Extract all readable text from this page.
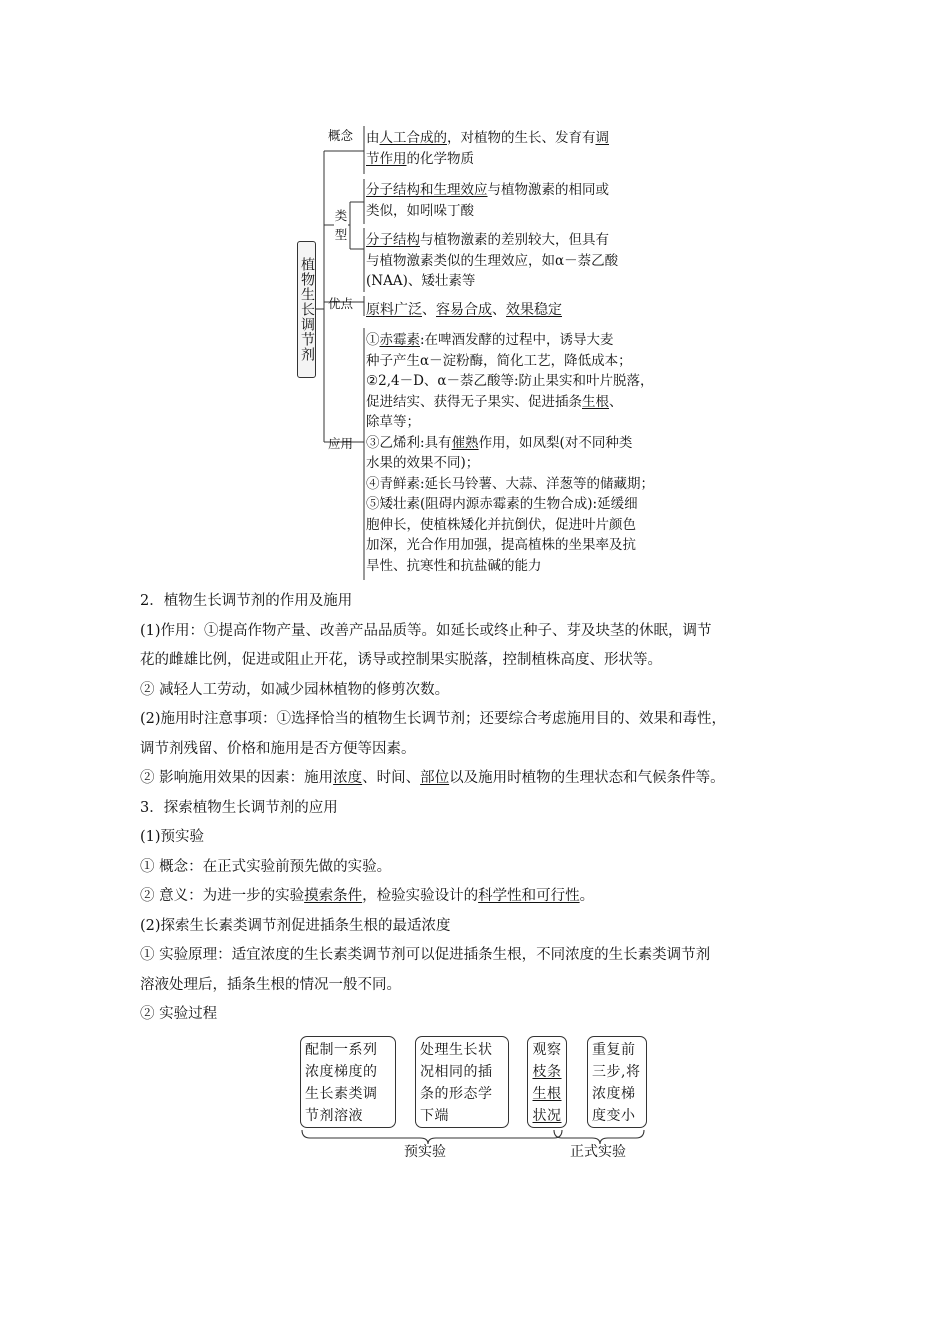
植物生长调节剂
概念
类
型
优点
应用
由人工合成的，对植物的生长、发育有调
节作用的化学物质
分子结构和生理效应与植物激素的相同或
类似，如吲哚丁酸
分子结构与植物激素的差别较大，但具有
与植物激素类似的生理效应，如α－萘乙酸
(NAA)、矮壮素等
原料广泛、容易合成、效果稳定
①赤霉素:在啤酒发酵的过程中，诱导大麦
种子产生α－淀粉酶，简化工艺，降低成本；
②2,4－D、α－萘乙酸等:防止果实和叶片脱落，
促进结实、获得无子果实、促进插条生根、
除草等；
③乙烯利:具有催熟作用，如凤梨(对不同种类
水果的效果不同)；
④青鲜素:延长马铃薯、大蒜、洋葱等的储藏期；
⑤矮壮素(阻碍内源赤霉素的生物合成):延缓细
胞伸长，使植株矮化并抗倒伏，促进叶片颜色
加深，光合作用加强，提高植株的坐果率及抗
旱性、抗寒性和抗盐碱的能力
2．植物生长调节剂的作用及施用
(1)作用：①提高作物产量、改善产品品质等。如延长或终止种子、芽及块茎的休眠，调节
花的雌雄比例，促进或阻止开花，诱导或控制果实脱落，控制植株高度、形状等。
② 减轻人工劳动，如减少园林植物的修剪次数。
(2)施用时注意事项：①选择恰当的植物生长调节剂；还要综合考虑施用目的、效果和毒性，
调节剂残留、价格和施用是否方便等因素。
② 影响施用效果的因素：施用浓度、时间、部位以及施用时植物的生理状态和气候条件等。
3．探索植物生长调节剂的应用
(1)预实验
① 概念：在正式实验前预先做的实验。
② 意义：为进一步的实验摸索条件，检验实验设计的科学性和可行性。
(2)探索生长素类调节剂促进插条生根的最适浓度
① 实验原理：适宜浓度的生长素类调节剂可以促进插条生根，不同浓度的生长素类调节剂
溶液处理后，插条生根的情况一般不同。
② 实验过程
配制一系列
浓度梯度的
生长素类调
节剂溶液
处理生长状
况相同的插
条的形态学
下端
观察
枝条
生根
状况
重复前
三步,将
浓度梯
度变小
预实验	正式实验
